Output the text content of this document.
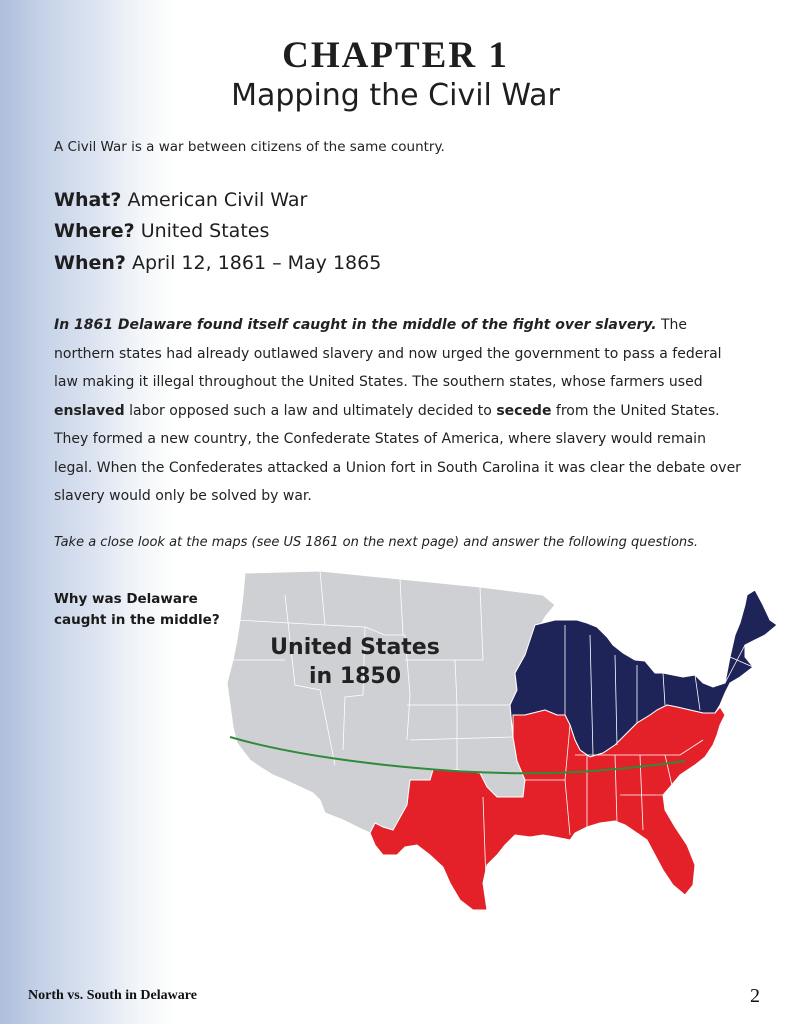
CHAPTER 1
Mapping the Civil War
A Civil War is a war between citizens of the same country.
What? American Civil War
Where? United States
When? April 12, 1861 – May 1865
In 1861 Delaware found itself caught in the middle of the fight over slavery. The northern states had already outlawed slavery and now urged the government to pass a federal law making it illegal throughout the United States. The southern states, whose farmers used enslaved labor opposed such a law and ultimately decided to secede from the United States. They formed a new country, the Confederate States of America, where slavery would remain legal. When the Confederates attacked a Union fort in South Carolina it was clear the debate over slavery would only be solved by war.
Take a close look at the maps (see US 1861 on the next page) and answer the following questions.
Why was Delaware caught in the middle?
United States
in 1850
North vs. South in Delaware	2
